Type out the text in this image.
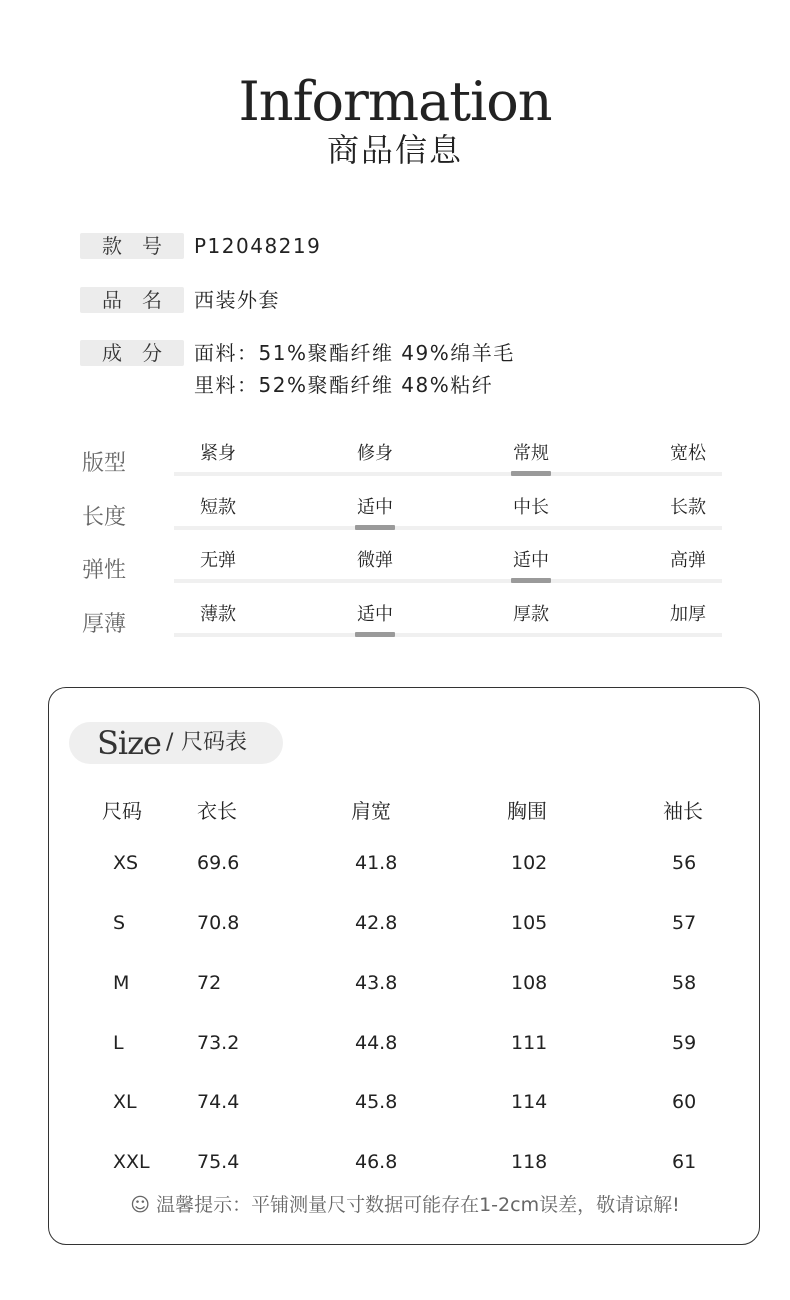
Information
商品信息
款 号 P12048219
品 名 西装外套
成 分 面料：51%聚酯纤维 49%绵羊毛
里料：52%聚酯纤维 48%粘纤
版型	紧身	修身	常规	宽松
长度	短款	适中	中长	长款
弹性	无弹	微弹	适中	高弹
厚薄	薄款	适中	厚款	加厚
Size / 尺码表
尺码	衣长	肩宽	胸围	袖长
XS	69.6	41.8	102	56
S	70.8	42.8	105	57
M	72	43.8	108	58
L	73.2	44.8	111	59
XL	74.4	45.8	114	60
XXL 75.4	46.8	118	61
☺ 温馨提示：平铺测量尺寸数据可能存在1-2cm误差，敬请谅解!
